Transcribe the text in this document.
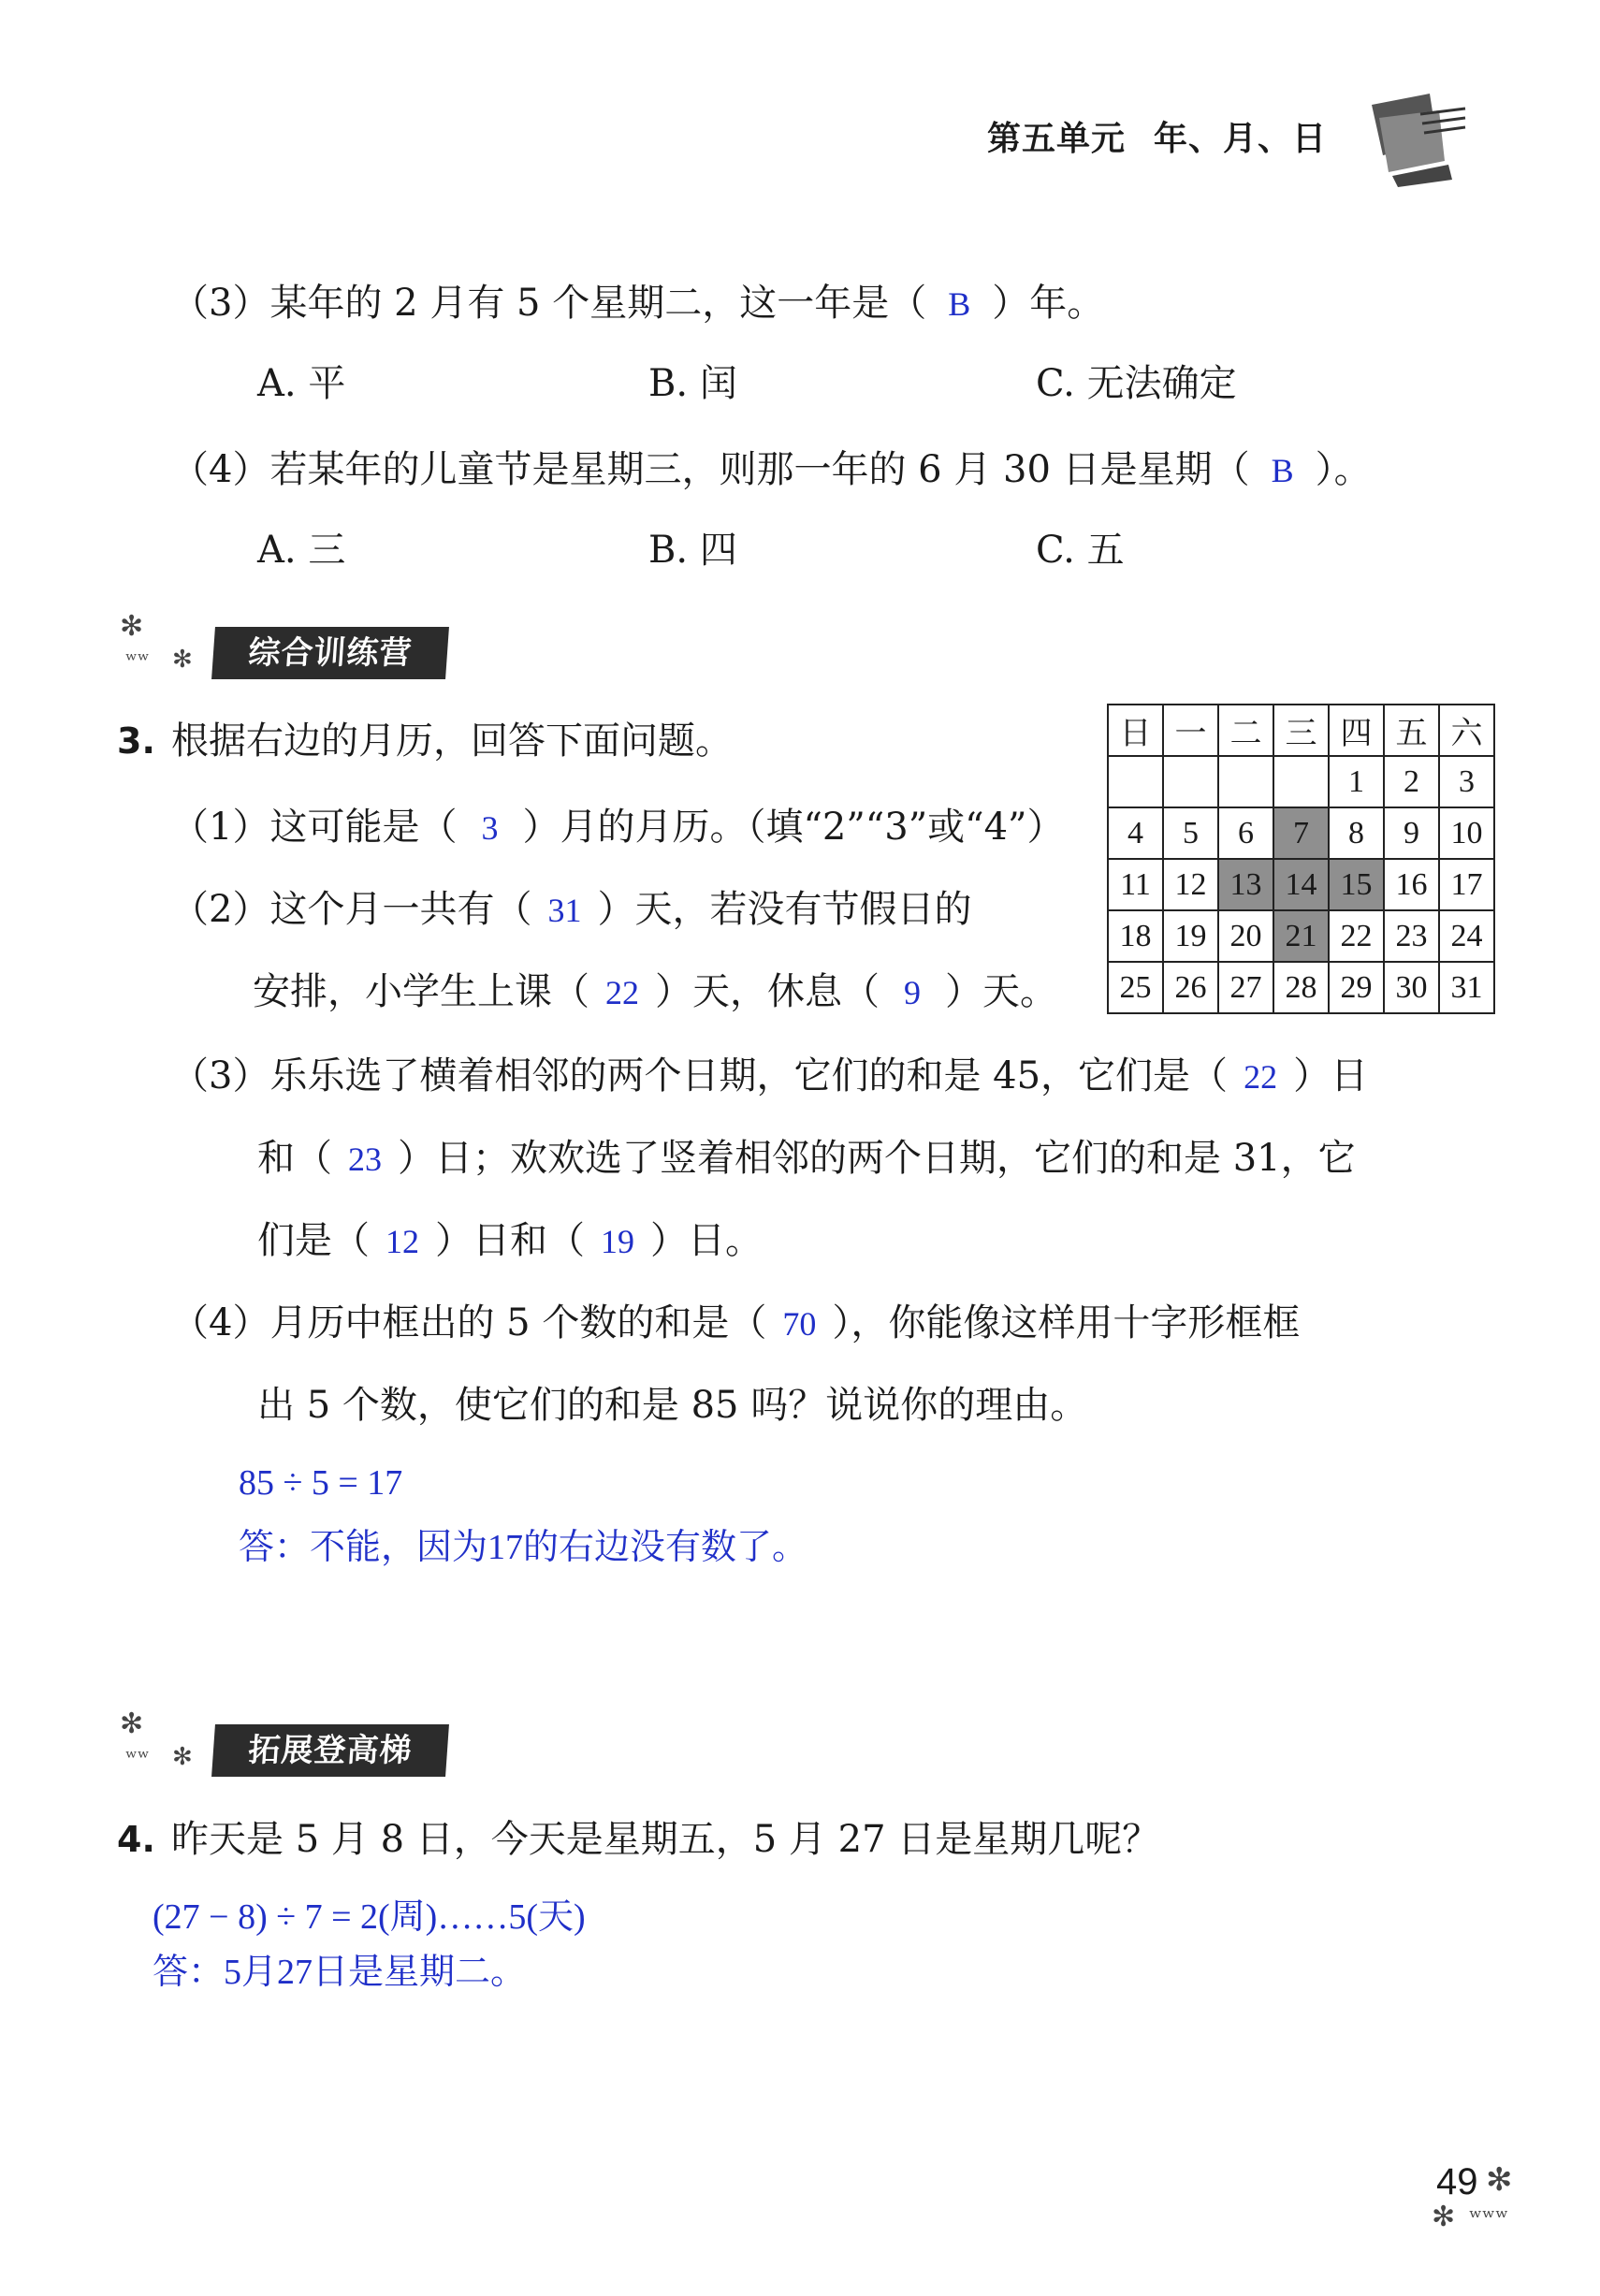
第五单元 年、月、日
（3）某年的 2 月有 5 个星期二，这一年是（ B ）年。
A. 平	B. 闰	C. 无法确定
（4）若某年的儿童节是星期三，则那一年的 6 月 30 日是星期（ B ）。
A. 三	B. 四	C. 五
✻
ʷʷ ✻	综合训练营
3. 根据右边的月历，回答下面问题。
（1）这可能是（ 3 ）月的月历。（填“2”“3”或“4”）
（2）这个月一共有（ 31 ）天，若没有节假日的
安排，小学生上课（ 22 ）天，休息（ 9 ）天。
日	一	二	三	四	五	六
				1	2	3
4	5	6	7	8	9	10
11	12	13	14	15	16	17
18	19	20	21	22	23	24
25	26	27	28	29	30	31
（3）乐乐选了横着相邻的两个日期，它们的和是 45，它们是（ 22 ）日
和（ 23 ）日；欢欢选了竖着相邻的两个日期，它们的和是 31，它
们是（ 12 ）日和（ 19 ）日。
（4）月历中框出的 5 个数的和是（ 70 ），你能像这样用十字形框框
出 5 个数，使它们的和是 85 吗？说说你的理由。
85 ÷ 5 = 17
答：不能，因为17的右边没有数了。
✻
ʷʷ ✻	拓展登高梯
4. 昨天是 5 月 8 日，今天是星期五，5 月 27 日是星期几呢？
(27 − 8) ÷ 7 = 2(周)……5(天)
答：5月27日是星期二。
49 ✻
✻ ʷʷʷ
